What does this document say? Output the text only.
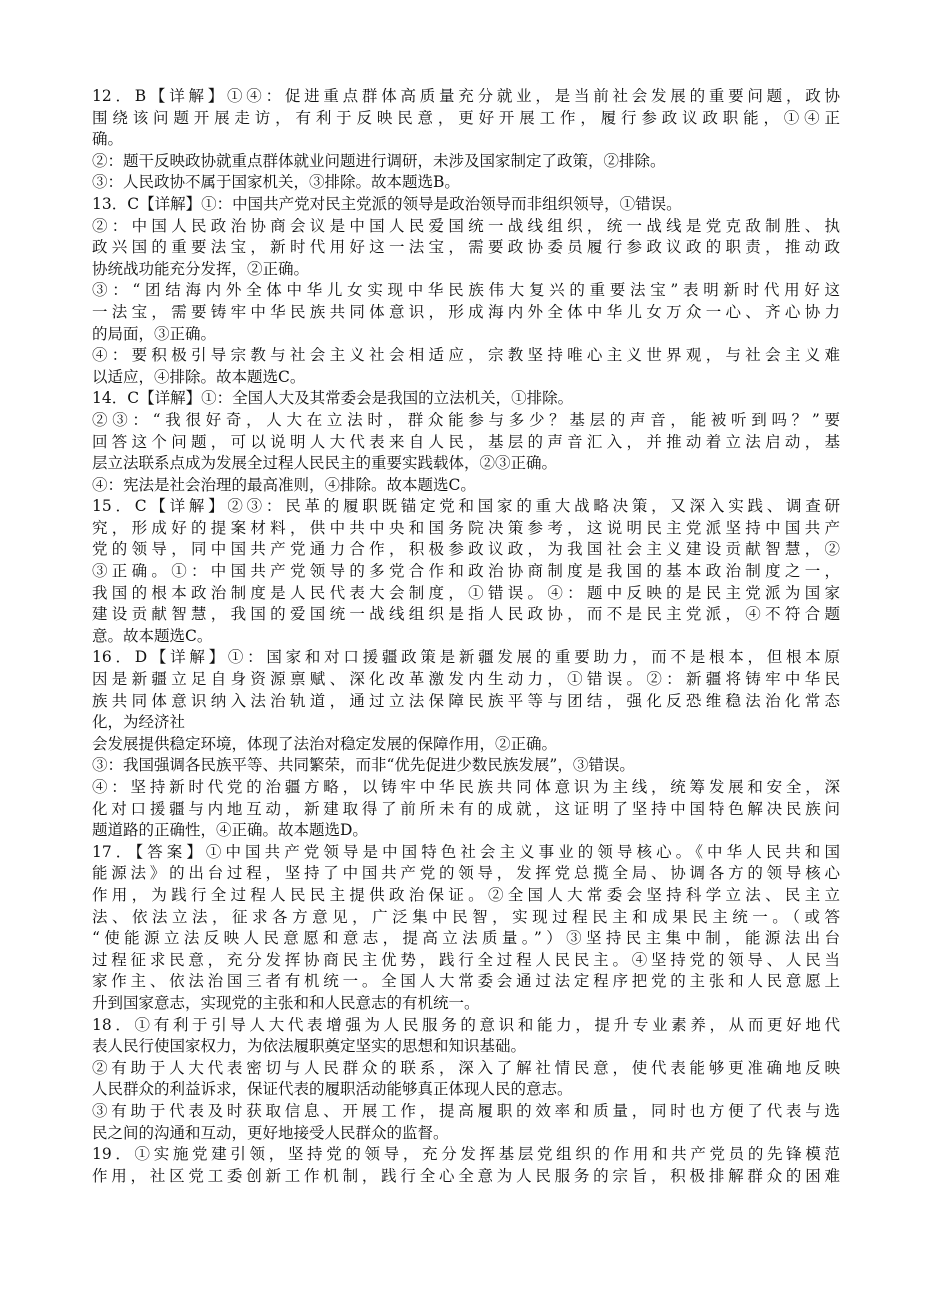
12．B【详解】①④：促进重点群体高质量充分就业，是当前社会发展的重要问题，政协
围绕该问题开展走访，有利于反映民意，更好开展工作，履行参政议政职能，①④正
确。
②：题干反映政协就重点群体就业问题进行调研，未涉及国家制定了政策，②排除。
③：人民政协不属于国家机关，③排除。故本题选B。
13．C【详解】①：中国共产党对民主党派的领导是政治领导而非组织领导，①错误。
②：中国人民政治协商会议是中国人民爱国统一战线组织，统一战线是党克敌制胜、执
政兴国的重要法宝，新时代用好这一法宝，需要政协委员履行参政议政的职责，推动政
协统战功能充分发挥，②正确。
③：“团结海内外全体中华儿女实现中华民族伟大复兴的重要法宝”表明新时代用好这
一法宝，需要铸牢中华民族共同体意识，形成海内外全体中华儿女万众一心、齐心协力
的局面，③正确。
④：要积极引导宗教与社会主义社会相适应，宗教坚持唯心主义世界观，与社会主义难
以适应，④排除。故本题选C。
14．C【详解】①：全国人大及其常委会是我国的立法机关，①排除。
②③：“我很好奇，人大在立法时，群众能参与多少？基层的声音，能被听到吗？”要
回答这个问题，可以说明人大代表来自人民，基层的声音汇入，并推动着立法启动，基
层立法联系点成为发展全过程人民民主的重要实践载体，②③正确。
④：宪法是社会治理的最高准则，④排除。故本题选C。
15．C【详解】②③：民革的履职既锚定党和国家的重大战略决策，又深入实践、调查研
究，形成好的提案材料，供中共中央和国务院决策参考，这说明民主党派坚持中国共产
党的领导，同中国共产党通力合作，积极参政议政，为我国社会主义建设贡献智慧，②
③正确。①：中国共产党领导的多党合作和政治协商制度是我国的基本政治制度之一，
我国的根本政治制度是人民代表大会制度，①错误。④：题中反映的是民主党派为国家
建设贡献智慧，我国的爱国统一战线组织是指人民政协，而不是民主党派，④不符合题
意。故本题选C。
16．D【详解】①：国家和对口援疆政策是新疆发展的重要助力，而不是根本，但根本原
因是新疆立足自身资源禀赋、深化改革激发内生动力，①错误。②：新疆将铸牢中华民
族共同体意识纳入法治轨道，通过立法保障民族平等与团结，强化反恐维稳法治化常态
化，为经济社
会发展提供稳定环境，体现了法治对稳定发展的保障作用，②正确。
③：我国强调各民族平等、共同繁荣，而非“优先促进少数民族发展”，③错误。
④：坚持新时代党的治疆方略，以铸牢中华民族共同体意识为主线，统筹发展和安全，深
化对口援疆与内地互动，新建取得了前所未有的成就，这证明了坚持中国特色解决民族问
题道路的正确性，④正确。故本题选D。
17．【答案】①中国共产党领导是中国特色社会主义事业的领导核心。《中华人民共和国
能源法》的出台过程，坚持了中国共产党的领导，发挥党总揽全局、协调各方的领导核心
作用，为践行全过程人民民主提供政治保证。②全国人大常委会坚持科学立法、民主立
法、依法立法，征求各方意见，广泛集中民智，实现过程民主和成果民主统一。（或答
“使能源立法反映人民意愿和意志，提高立法质量。”）③坚持民主集中制，能源法出台
过程征求民意，充分发挥协商民主优势，践行全过程人民民主。④坚持党的领导、人民当
家作主、依法治国三者有机统一。全国人大常委会通过法定程序把党的主张和人民意愿上
升到国家意志，实现党的主张和和人民意志的有机统一。
18．①有利于引导人大代表增强为人民服务的意识和能力，提升专业素养，从而更好地代
表人民行使国家权力，为依法履职奠定坚实的思想和知识基础。
②有助于人大代表密切与人民群众的联系，深入了解社情民意，使代表能够更准确地反映
人民群众的利益诉求，保证代表的履职活动能够真正体现人民的意志。
③有助于代表及时获取信息、开展工作，提高履职的效率和质量，同时也方便了代表与选
民之间的沟通和互动，更好地接受人民群众的监督。
19．①实施党建引领，坚持党的领导，充分发挥基层党组织的作用和共产党员的先锋模范
作用，社区党工委创新工作机制，践行全心全意为人民服务的宗旨，积极排解群众的困难
